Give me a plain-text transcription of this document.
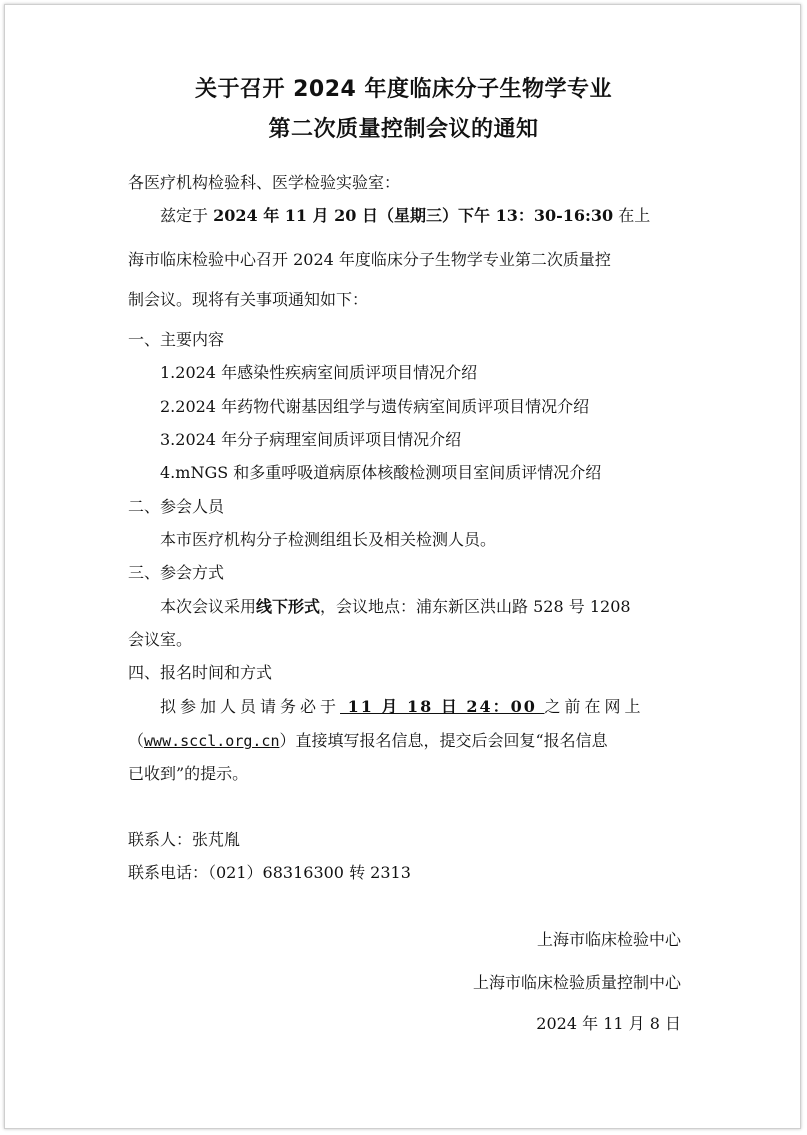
关于召开 2024 年度临床分子生物学专业
第二次质量控制会议的通知
各医疗机构检验科、医学检验实验室：
兹定于 2024 年 11 月 20 日（星期三）下午 13：30-16:30 在上
海市临床检验中心召开 2024 年度临床分子生物学专业第二次质量控
制会议。现将有关事项通知如下：
一、主要内容
1.2024 年感染性疾病室间质评项目情况介绍
2.2024 年药物代谢基因组学与遗传病室间质评项目情况介绍
3.2024 年分子病理室间质评项目情况介绍
4.mNGS 和多重呼吸道病原体核酸检测项目室间质评情况介绍
二、参会人员
本市医疗机构分子检测组组长及相关检测人员。
三、参会方式
本次会议采用线下形式，会议地点：浦东新区洪山路 528 号 1208
会议室。
四、报名时间和方式
拟参加人员请务必于 11 月 18 日 24：00 之前在网上
（www.sccl.org.cn）直接填写报名信息，提交后会回复“报名信息
已收到”的提示。
联系人：张芃胤
联系电话：（021）68316300 转 2313
上海市临床检验中心
上海市临床检验质量控制中心
2024 年 11 月 8 日
